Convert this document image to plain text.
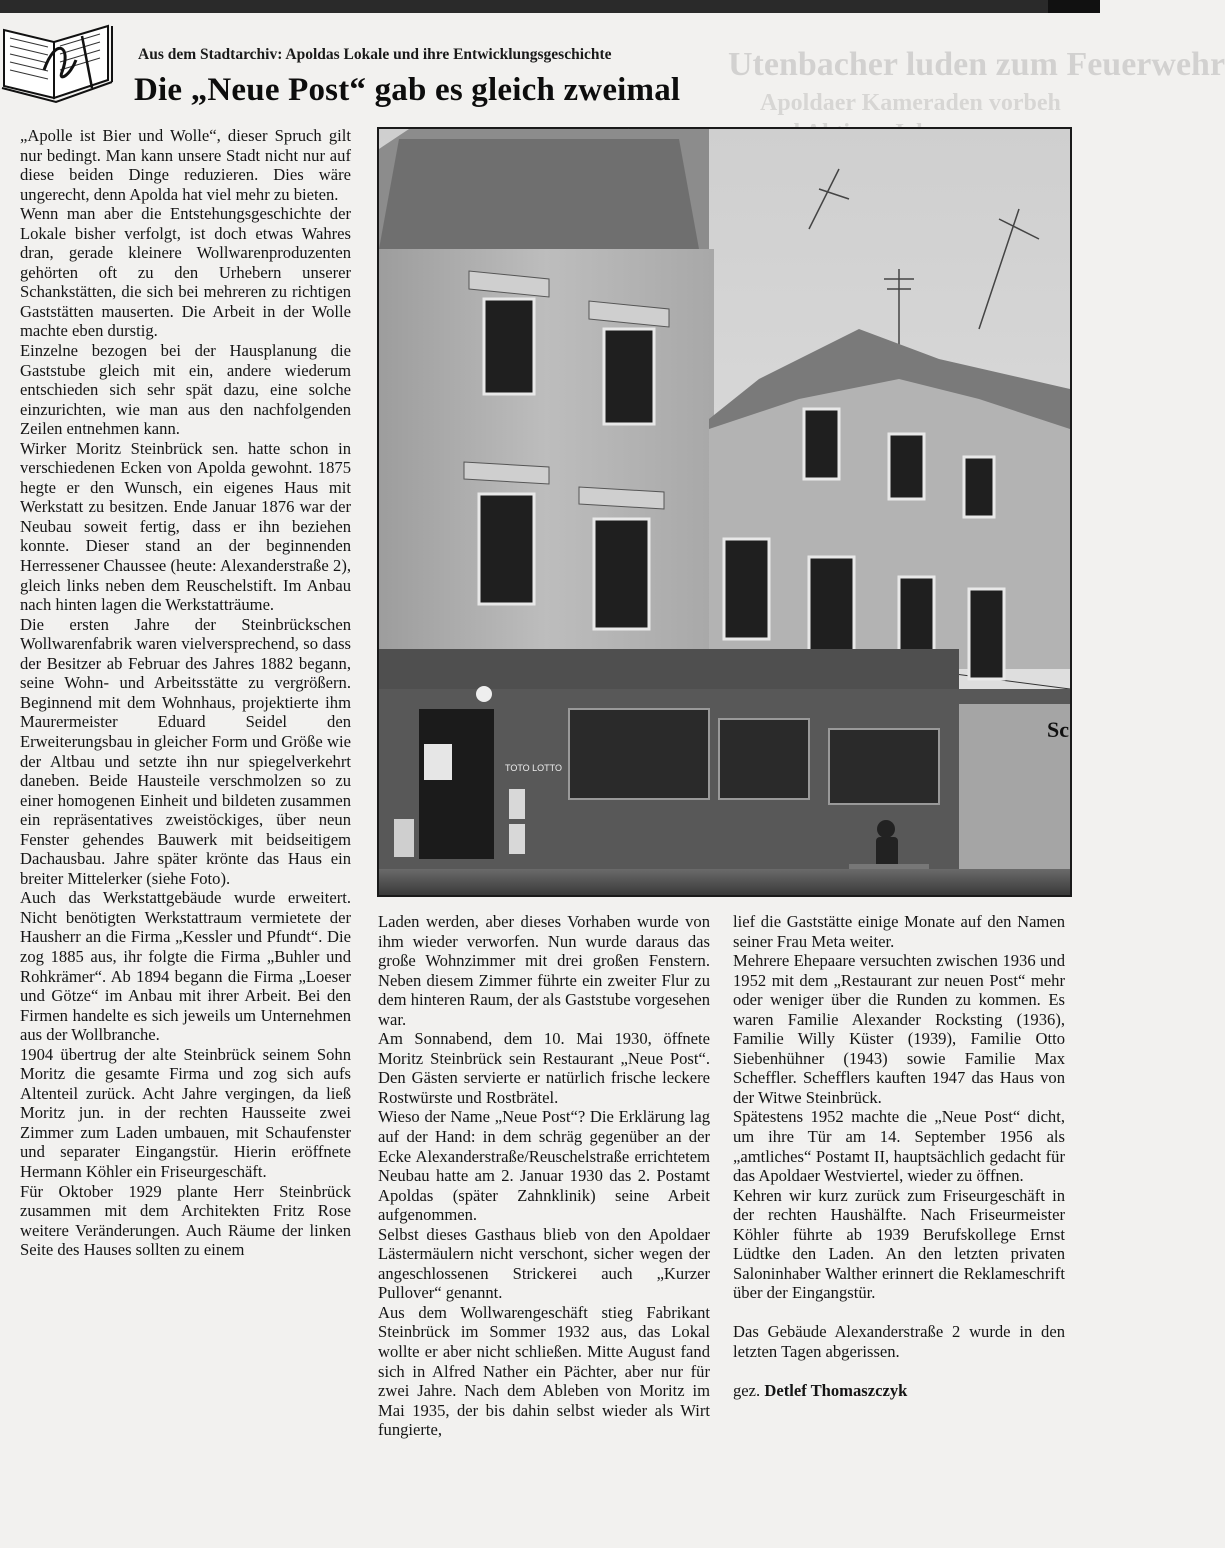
Utenbacher luden zum Feuerwehr
Apoldaer Kameraden vorbeh
Aus dem Stadtarchiv: Apoldas Lokale und ihre Entwicklungsgeschichte
Die „Neue Post“ gab es gleich zweimal

„Apolle ist Bier und Wolle“, dieser Spruch gilt nur bedingt. Man kann unsere Stadt nicht nur auf diese beiden Dinge reduzieren. Dies wäre ungerecht, denn Apolda hat viel mehr zu bieten.

Wenn man aber die Entstehungsgeschichte der Lokale bisher verfolgt, ist doch etwas Wahres dran, gerade kleinere Wollwarenproduzenten gehörten oft zu den Urhebern unserer Schankstätten, die sich bei mehreren zu richtigen Gaststätten mauserten. Die Arbeit in der Wolle machte eben durstig.

Einzelne bezogen bei der Hausplanung die Gaststube gleich mit ein, andere wiederum entschieden sich sehr spät dazu, eine solche einzurichten, wie man aus den nachfolgenden Zeilen entnehmen kann.

Wirker Moritz Steinbrück sen. hatte schon in verschiedenen Ecken von Apolda gewohnt. 1875 hegte er den Wunsch, ein eigenes Haus mit Werkstatt zu besitzen. Ende Januar 1876 war der Neubau soweit fertig, dass er ihn beziehen konnte. Dieser stand an der beginnenden Herressener Chaussee (heute: Alexanderstraße 2), gleich links neben dem Reuschelstift. Im Anbau nach hinten lagen die Werkstatträume.

Die ersten Jahre der Steinbrückschen Wollwarenfabrik waren vielversprechend, so dass der Besitzer ab Februar des Jahres 1882 begann, seine Wohn- und Arbeitsstätte zu vergrößern. Beginnend mit dem Wohnhaus, projektierte ihm Maurermeister Eduard Seidel den Erweiterungsbau in gleicher Form und Größe wie der Altbau und setzte ihn nur spiegelverkehrt daneben. Beide Hausteile verschmolzen so zu einer homogenen Einheit und bildeten zusammen ein repräsentatives zweistöckiges, über neun Fenster gehendes Bauwerk mit beidseitigem Dachausbau. Jahre später krönte das Haus ein breiter Mittelerker (siehe Foto).

Auch das Werkstattgebäude wurde erweitert. Nicht benötigten Werkstattraum vermietete der Hausherr an die Firma „Kessler und Pfundt“. Die zog 1885 aus, ihr folgte die Firma „Buhler und Rohkrämer“. Ab 1894 begann die Firma „Loeser und Götze“ im Anbau mit ihrer Arbeit. Bei den Firmen handelte es sich jeweils um Unternehmen aus der Wollbranche.

1904 übertrug der alte Steinbrück seinem Sohn Moritz die gesamte Firma und zog sich aufs Altenteil zurück. Acht Jahre vergingen, da ließ Moritz jun. in der rechten Hausseite zwei Zimmer zum Laden umbauen, mit Schaufenster und separater Eingangstür. Hierin eröffnete Hermann Köhler ein Friseurgeschäft.

Für Oktober 1929 plante Herr Steinbrück zusammen mit dem Architekten Fritz Rose weitere Veränderungen. Auch Räume der linken Seite des Hauses sollten zu einem

Sc
TOTO LOTTO

Laden werden, aber dieses Vorhaben wurde von ihm wieder verworfen. Nun wurde daraus das große Wohnzimmer mit drei großen Fenstern. Neben diesem Zimmer führte ein zweiter Flur zu dem hinteren Raum, der als Gaststube vorgesehen war.

Am Sonnabend, dem 10. Mai 1930, öffnete Moritz Steinbrück sein Restaurant „Neue Post“. Den Gästen servierte er natürlich frische leckere Rostwürste und Rostbrätel.

Wieso der Name „Neue Post“? Die Erklärung lag auf der Hand: in dem schräg gegenüber an der Ecke Alexanderstraße/Reuschelstraße errichtetem Neubau hatte am 2. Januar 1930 das 2. Postamt Apoldas (später Zahnklinik) seine Arbeit aufgenommen.

Selbst dieses Gasthaus blieb von den Apoldaer Lästermäulern nicht verschont, sicher wegen der angeschlossenen Strickerei auch „Kurzer Pullover“ genannt.

Aus dem Wollwarengeschäft stieg Fabrikant Steinbrück im Sommer 1932 aus, das Lokal wollte er aber nicht schließen. Mitte August fand sich in Alfred Nather ein Pächter, aber nur für zwei Jahre. Nach dem Ableben von Moritz im Mai 1935, der bis dahin selbst wieder als Wirt fungierte,

lief die Gaststätte einige Monate auf den Namen seiner Frau Meta weiter.

Mehrere Ehepaare versuchten zwischen 1936 und 1952 mit dem „Restaurant zur neuen Post“ mehr oder weniger über die Runden zu kommen. Es waren Familie Alexander Rocksting (1936), Familie Willy Küster (1939), Familie Otto Siebenhühner (1943) sowie Familie Max Scheffler. Schefflers kauften 1947 das Haus von der Witwe Steinbrück.

Spätestens 1952 machte die „Neue Post“ dicht, um ihre Tür am 14. September 1956 als „amtliches“ Postamt II, hauptsächlich gedacht für das Apoldaer Westviertel, wieder zu öffnen.

Kehren wir kurz zurück zum Friseurgeschäft in der rechten Haushälfte. Nach Friseurmeister Köhler führte ab 1939 Berufskollege Ernst Lüdtke den Laden. An den letzten privaten Saloninhaber Walther erinnert die Reklameschrift über der Eingangstür.

Das Gebäude Alexanderstraße 2 wurde in den letzten Tagen abgerissen.

gez. Detlef Thomaszczyk
